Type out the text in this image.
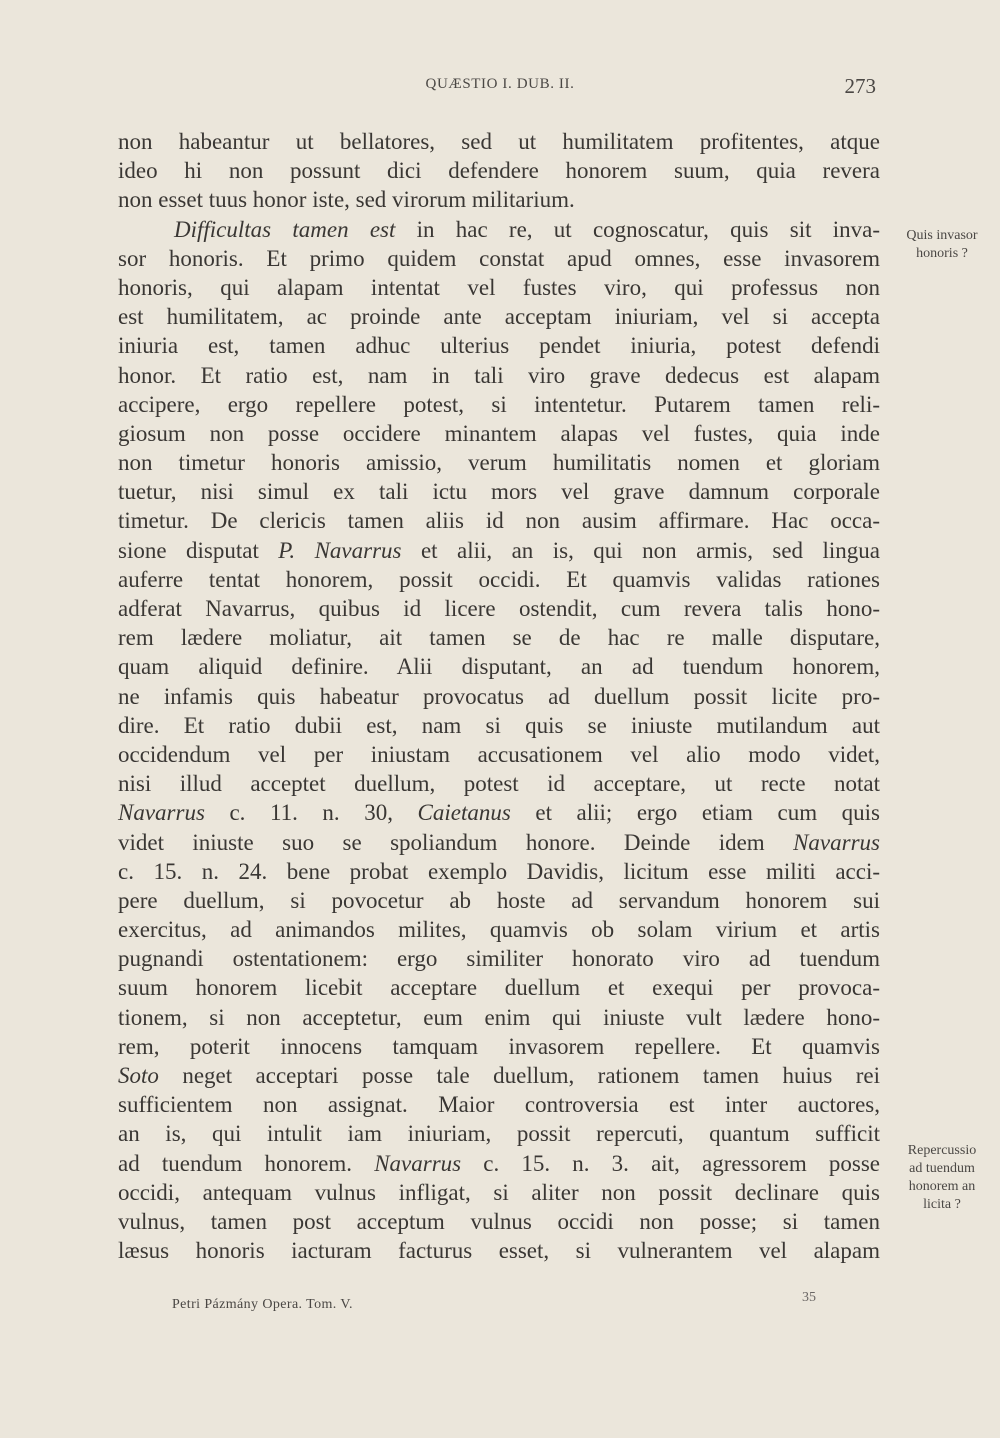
QUÆSTIO I. DUB. II.	273
non habeantur ut bellatores, sed ut humilitatem profitentes, atque
ideo hi non possunt dici defendere honorem suum, quia revera
non esset tuus honor iste, sed virorum militarium.
Difficultas tamen est in hac re, ut cognoscatur, quis sit inva-
sor honoris. Et primo quidem constat apud omnes, esse invasorem
honoris, qui alapam intentat vel fustes viro, qui professus non
est humilitatem, ac proinde ante acceptam iniuriam, vel si accepta
iniuria est, tamen adhuc ulterius pendet iniuria, potest defendi
honor. Et ratio est, nam in tali viro grave dedecus est alapam
accipere, ergo repellere potest, si intentetur. Putarem tamen reli-
giosum non posse occidere minantem alapas vel fustes, quia inde
non timetur honoris amissio, verum humilitatis nomen et gloriam
tuetur, nisi simul ex tali ictu mors vel grave damnum corporale
timetur. De clericis tamen aliis id non ausim affirmare. Hac occa-
sione disputat P. Navarrus et alii, an is, qui non armis, sed lingua
auferre tentat honorem, possit occidi. Et quamvis validas rationes
adferat Navarrus, quibus id licere ostendit, cum revera talis hono-
rem lædere moliatur, ait tamen se de hac re malle disputare,
quam aliquid definire. Alii disputant, an ad tuendum honorem,
ne infamis quis habeatur provocatus ad duellum possit licite pro-
dire. Et ratio dubii est, nam si quis se iniuste mutilandum aut
occidendum vel per iniustam accusationem vel alio modo videt,
nisi illud acceptet duellum, potest id acceptare, ut recte notat
Navarrus c. 11. n. 30, Caietanus et alii; ergo etiam cum quis
videt iniuste suo se spoliandum honore. Deinde idem Navarrus
c. 15. n. 24. bene probat exemplo Davidis, licitum esse militi acci-
pere duellum, si povocetur ab hoste ad servandum honorem sui
exercitus, ad animandos milites, quamvis ob solam virium et artis
pugnandi ostentationem: ergo similiter honorato viro ad tuendum
suum honorem licebit acceptare duellum et exequi per provoca-
tionem, si non acceptetur, eum enim qui iniuste vult lædere hono-
rem, poterit innocens tamquam invasorem repellere. Et quamvis
Soto neget acceptari posse tale duellum, rationem tamen huius rei
sufficientem non assignat. Maior controversia est inter auctores,
an is, qui intulit iam iniuriam, possit repercuti, quantum sufficit
ad tuendum honorem. Navarrus c. 15. n. 3. ait, agressorem posse
occidi, antequam vulnus infligat, si aliter non possit declinare quis
vulnus, tamen post acceptum vulnus occidi non posse; si tamen
læsus honoris iacturam facturus esset, si vulnerantem vel alapam
Quis invasor
honoris ?
Repercussio
ad tuendum
honorem an
licita ?
Petri Pázmány Opera. Tom. V.	35
